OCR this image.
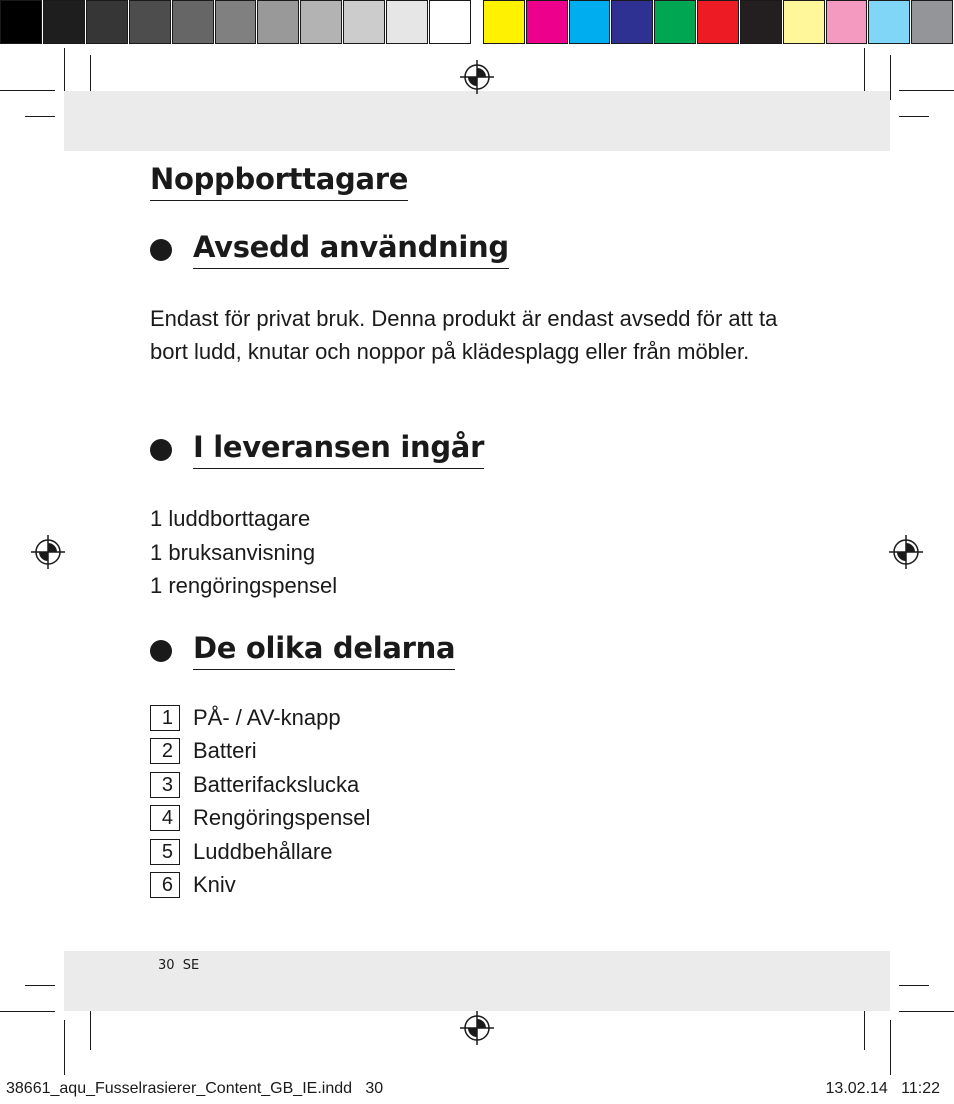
Noppborttagare
Avsedd användning

Endast för privat bruk. Denna produkt är endast avsedd för att ta bort ludd, knutar och noppor på klädesplagg eller från möbler.

I leveransen ingår
1 luddborttagare
1 bruksanvisning
1 rengöringspensel
De olika delarna
1 PÅ- / AV-knapp
2 Batteri
3 Batterifackslucka
4 Rengöringspensel
5 Luddbehållare
6 Kniv
30  SE
38661_aqu_Fusselrasierer_Content_GB_IE.indd   30	13.02.14   11:22
